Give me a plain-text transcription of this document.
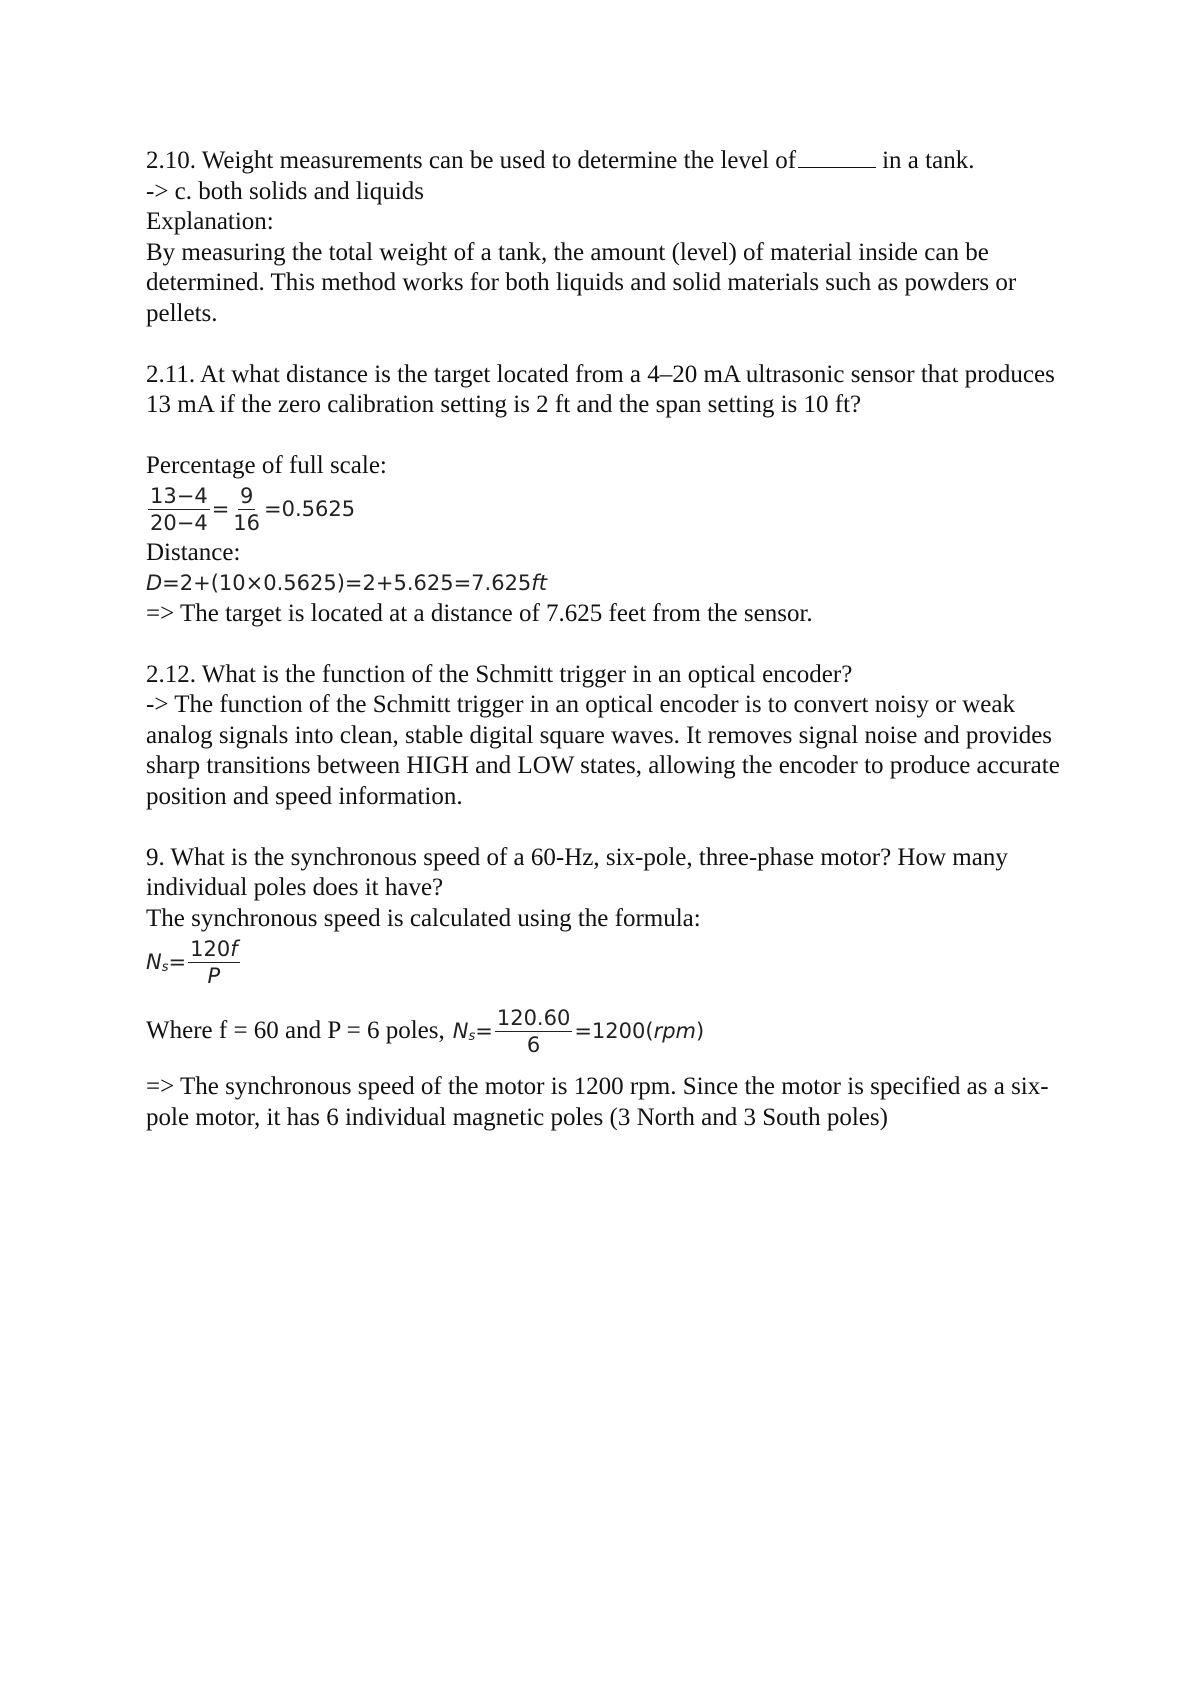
2.10. Weight measurements can be used to determine the level of	in a tank.
-> c. both solids and liquids
Explanation:
By measuring the total weight of a tank, the amount (level) of material inside can be determined. This method works for both liquids and solid materials such as powders or pellets.
2.11. At what distance is the target located from a 4–20 mA ultrasonic sensor that produces 13 mA if the zero calibration setting is 2 ft and the span setting is 10 ft?
Percentage of full scale:
$\frac{13-4}{20-4} = \frac{9}{16} =0.5625$
Distance:
D=2+(10×0.5625)=2+5.625=7.625ft
=> The target is located at a distance of 7.625 feet from the sensor.
2.12. What is the function of the Schmitt trigger in an optical encoder?
-> The function of the Schmitt trigger in an optical encoder is to convert noisy or weak analog signals into clean, stable digital square waves. It removes signal noise and provides sharp transitions between HIGH and LOW states, allowing the encoder to produce accurate position and speed information.
9. What is the synchronous speed of a 60-Hz, six-pole, three-phase motor? How many individual poles does it have?
The synchronous speed is calculated using the formula:
N $s = \frac{120f}{P}$
Where f = 60 and P = 6 poles, N $s = \frac{120.60}{6} =1200$( rpm )
=> The synchronous speed of the motor is 1200 rpm. Since the motor is specified as a six-pole motor, it has 6 individual magnetic poles (3 North and 3 South poles)
